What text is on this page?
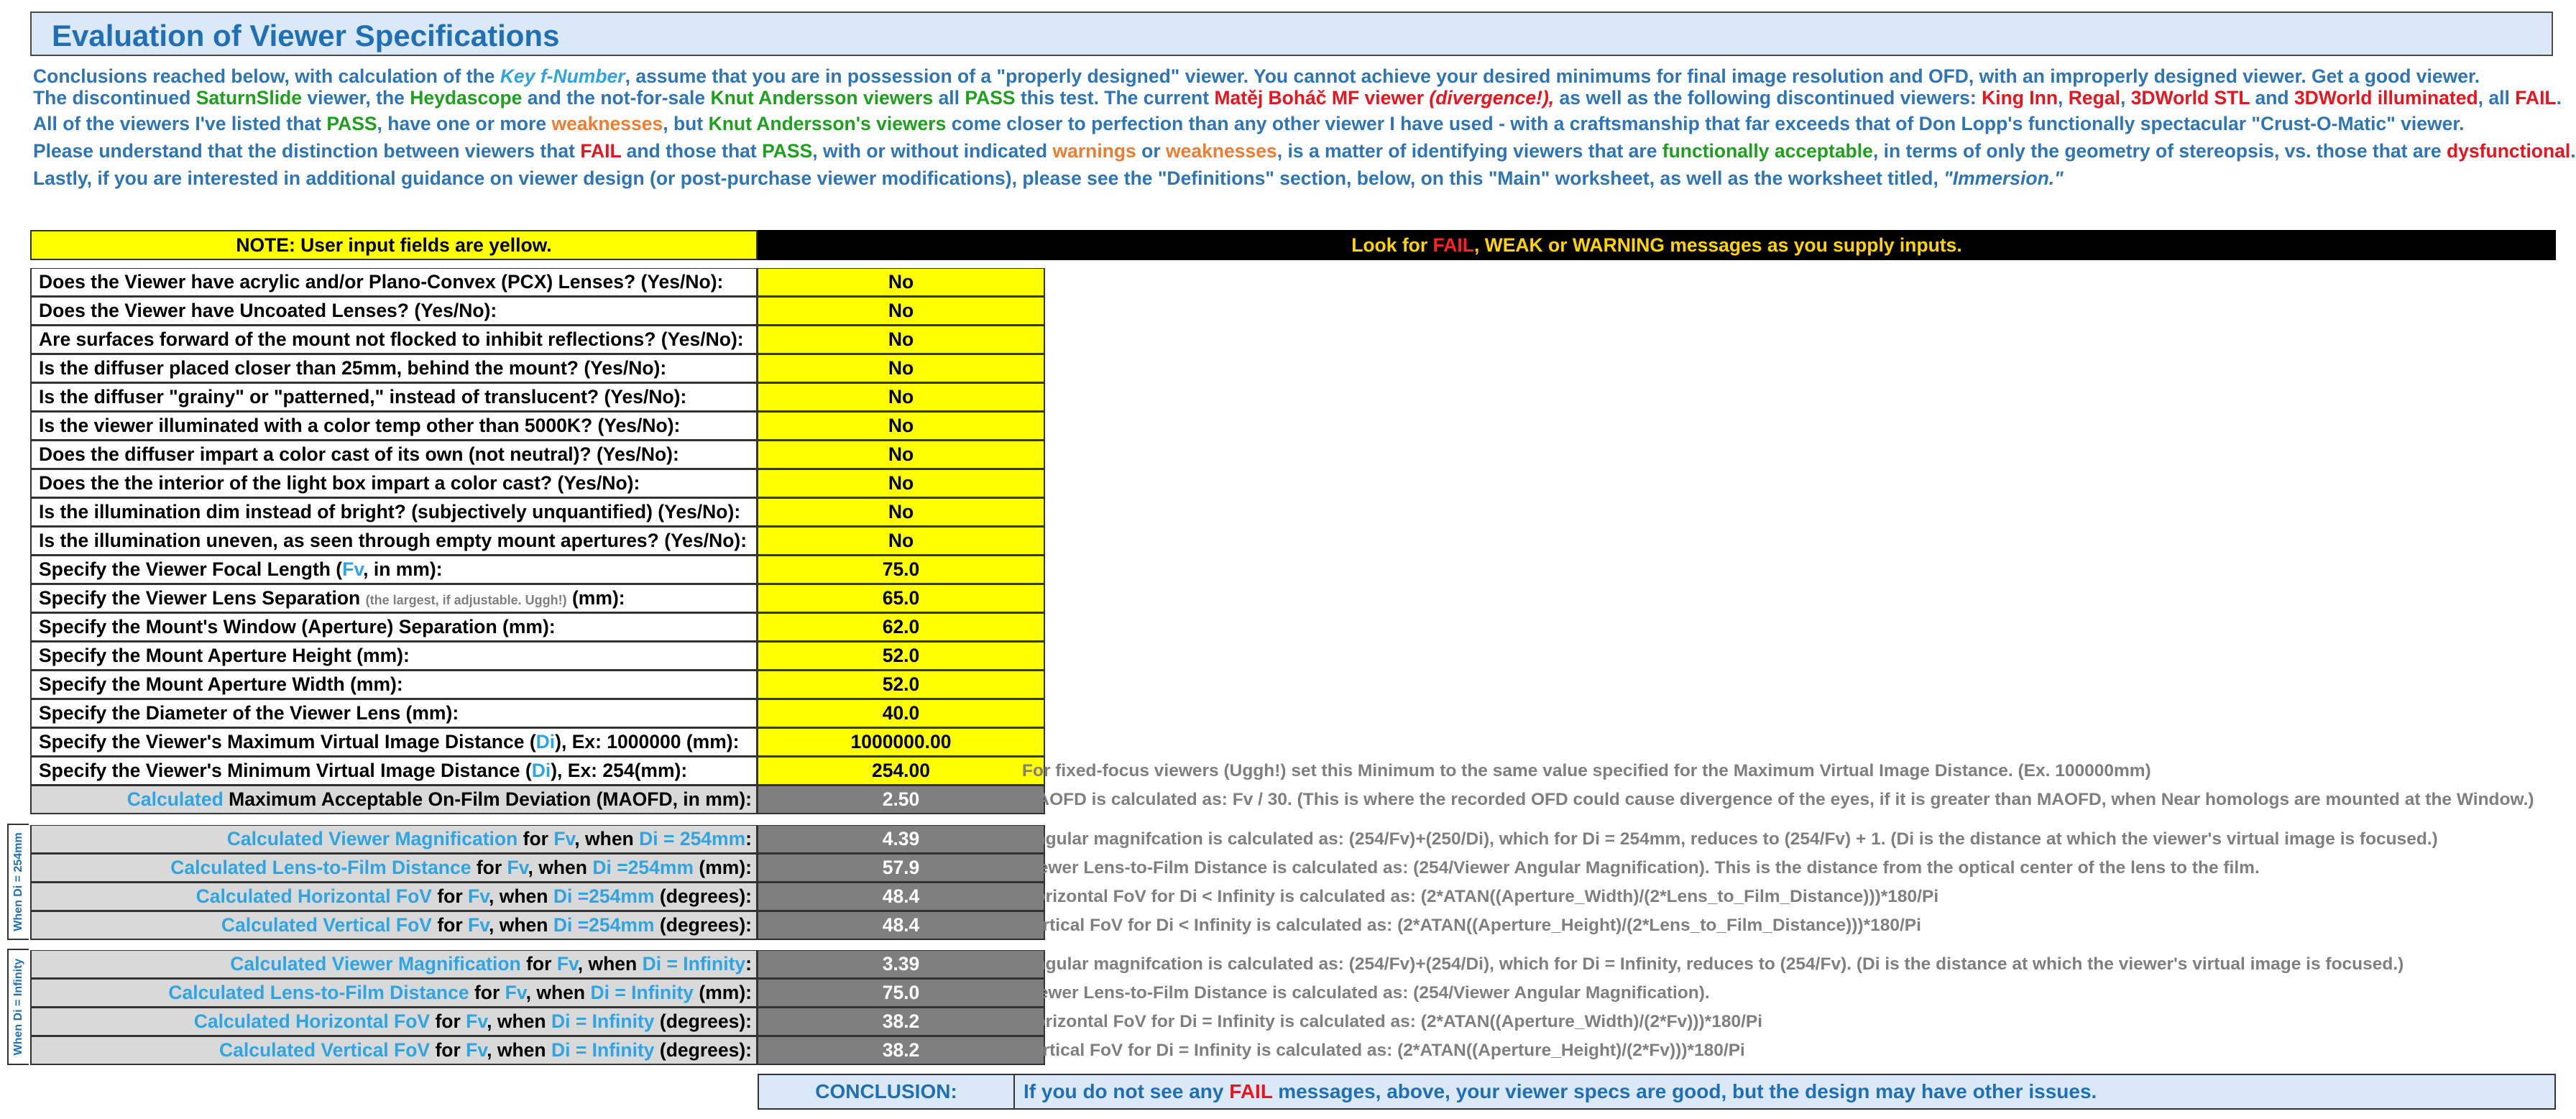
Evaluation of Viewer Specifications
Conclusions reached below, with calculation of the Key f-Number, assume that you are in possession of a "properly designed" viewer. You cannot achieve your desired minimums for final image resolution and OFD, with an improperly designed viewer. Get a good viewer.
The discontinued SaturnSlide viewer, the Heydascope and the not-for-sale Knut Andersson viewers all PASS this test. The current Matěj Boháč MF viewer (divergence!), as well as the following discontinued viewers: King Inn, Regal, 3DWorld STL and 3DWorld illuminated, all FAIL.
All of the viewers I've listed that PASS, have one or more weaknesses, but Knut Andersson's viewers come closer to perfection than any other viewer I have used - with a craftsmanship that far exceeds that of Don Lopp's functionally spectacular "Crust-O-Matic" viewer.
Please understand that the distinction between viewers that FAIL and those that PASS, with or without indicated warnings or weaknesses, is a matter of identifying viewers that are functionally acceptable, in terms of only the geometry of stereopsis, vs. those that are dysfunctional.
Lastly, if you are interested in additional guidance on viewer design (or post-purchase viewer modifications), please see the "Definitions" section, below, on this "Main" worksheet, as well as the worksheet titled, "Immersion."
NOTE: User input fields are yellow.	Look for FAIL, WEAK or WARNING messages as you supply inputs.
Does the Viewer have acrylic and/or Plano-Convex (PCX) Lenses? (Yes/No):	No
Does the Viewer have Uncoated Lenses? (Yes/No):	No
Are surfaces forward of the mount not flocked to inhibit reflections? (Yes/No):	No
Is the diffuser placed closer than 25mm, behind the mount? (Yes/No):	No
Is the diffuser "grainy" or "patterned," instead of translucent? (Yes/No):	No
Is the viewer illuminated with a color temp other than 5000K? (Yes/No):	No
Does the diffuser impart a color cast of its own (not neutral)? (Yes/No):	No
Does the the interior of the light box impart a color cast? (Yes/No):	No
Is the illumination dim instead of bright? (subjectively unquantified) (Yes/No):	No
Is the illumination uneven, as seen through empty mount apertures? (Yes/No):	No
Specify the Viewer Focal Length (Fv, in mm):	75.0
Specify the Viewer Lens Separation (the largest, if adjustable. Uggh!) (mm):	65.0
Specify the Mount's Window (Aperture) Separation (mm):	62.0
Specify the Mount Aperture Height (mm):	52.0
Specify the Mount Aperture Width (mm):	52.0
Specify the Diameter of the Viewer Lens (mm):	40.0
Specify the Viewer's Maximum Virtual Image Distance (Di), Ex: 1000000 (mm):	1000000.00
Specify the Viewer's Minimum Virtual Image Distance (Di), Ex: 254(mm):	254.00	For fixed-focus viewers (Uggh!) set this Minimum to the same value specified for the Maximum Virtual Image Distance. (Ex. 100000mm)
Calculated Maximum Acceptable On-Film Deviation (MAOFD, in mm):	2.50	MAOFD is calculated as: Fv / 30. (This is where the recorded OFD could cause divergence of the eyes, if it is greater than MAOFD, when Near homologs are mounted at the Window.)
When Di = 254mm	Calculated Viewer Magnification for Fv, when Di = 254mm:	4.39	Angular magnifcation is calculated as: (254/Fv)+(250/Di), which for Di = 254mm, reduces to (254/Fv) + 1. (Di is the distance at which the viewer's virtual image is focused.)
Calculated Lens-to-Film Distance for Fv, when Di =254mm (mm):	57.9	Viewer Lens-to-Film Distance is calculated as: (254/Viewer Angular Magnification). This is the distance from the optical center of the lens to the film.
Calculated Horizontal FoV for Fv, when Di =254mm (degrees):	48.4	Horizontal FoV for Di < Infinity is calculated as: (2*ATAN((Aperture_Width)/(2*Lens_to_Film_Distance)))*180/Pi
Calculated Vertical FoV for Fv, when Di =254mm (degrees):	48.4	Vertical FoV for Di < Infinity is calculated as: (2*ATAN((Aperture_Height)/(2*Lens_to_Film_Distance)))*180/Pi
When Di = Infinity	Calculated Viewer Magnification for Fv, when Di = Infinity:	3.39	Angular magnifcation is calculated as: (254/Fv)+(254/Di), which for Di = Infinity, reduces to (254/Fv). (Di is the distance at which the viewer's virtual image is focused.)
Calculated Lens-to-Film Distance for Fv, when Di = Infinity (mm):	75.0	Viewer Lens-to-Film Distance is calculated as: (254/Viewer Angular Magnification).
Calculated Horizontal FoV for Fv, when Di = Infinity (degrees):	38.2	Horizontal FoV for Di = Infinity is calculated as: (2*ATAN((Aperture_Width)/(2*Fv)))*180/Pi
Calculated Vertical FoV for Fv, when Di = Infinity (degrees):	38.2	Vertical FoV for Di = Infinity is calculated as: (2*ATAN((Aperture_Height)/(2*Fv)))*180/Pi
CONCLUSION:	If you do not see any FAIL messages, above, your viewer specs are good, but the design may have other issues.
